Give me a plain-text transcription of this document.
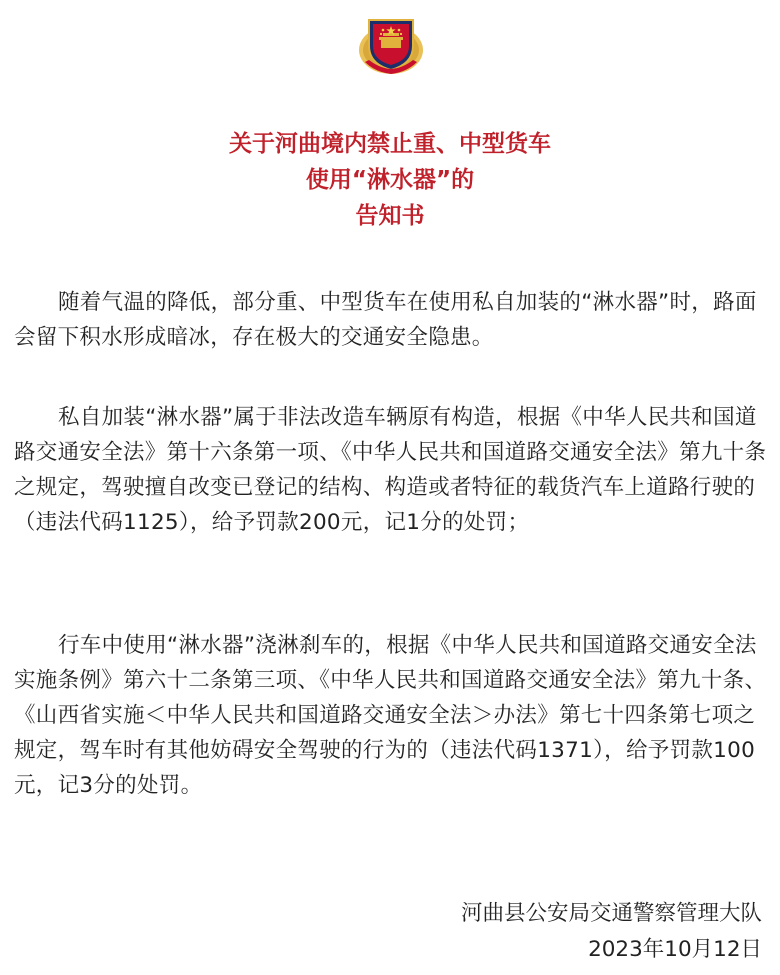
关于河曲境内禁止重、中型货车
使用“淋水器”的
告知书

随着气温的降低，部分重、中型货车在使用私自加装的“淋水器”时，路面会留下积水形成暗冰，存在极大的交通安全隐患。

私自加装“淋水器”属于非法改造车辆原有构造，根据《中华人民共和国道路交通安全法》第十六条第一项、《中华人民共和国道路交通安全法》第九十条之规定，驾驶擅自改变已登记的结构、构造或者特征的载货汽车上道路行驶的（违法代码1125），给予罚款200元，记1分的处罚；

行车中使用“淋水器”浇淋刹车的，根据《中华人民共和国道路交通安全法实施条例》第六十二条第三项、《中华人民共和国道路交通安全法》第九十条、《山西省实施＜中华人民共和国道路交通安全法＞办法》第七十四条第七项之规定，驾车时有其他妨碍安全驾驶的行为的（违法代码1371），给予罚款100元，记3分的处罚。

河曲县公安局交通警察管理大队
2023年10月12日
